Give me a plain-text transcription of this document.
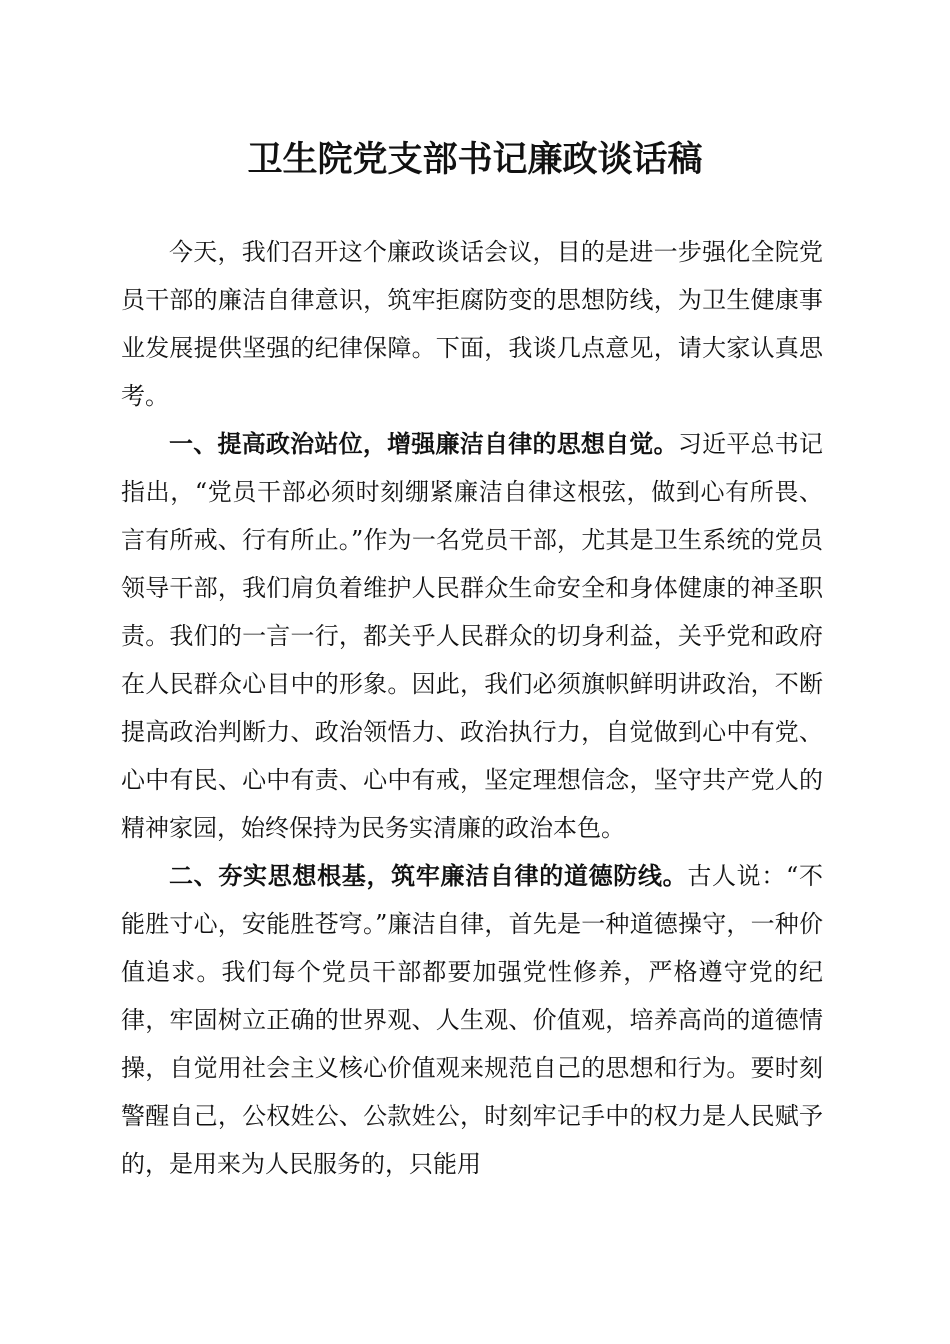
卫生院党支部书记廉政谈话稿

今天，我们召开这个廉政谈话会议，目的是进一步强化全院党员干部的廉洁自律意识，筑牢拒腐防变的思想防线，为卫生健康事业发展提供坚强的纪律保障。下面，我谈几点意见，请大家认真思考。

一、提高政治站位，增强廉洁自律的思想自觉。习近平总书记指出，“党员干部必须时刻绷紧廉洁自律这根弦，做到心有所畏、言有所戒、行有所止。”作为一名党员干部，尤其是卫生系统的党员领导干部，我们肩负着维护人民群众生命安全和身体健康的神圣职责。我们的一言一行，都关乎人民群众的切身利益，关乎党和政府在人民群众心目中的形象。因此，我们必须旗帜鲜明讲政治，不断提高政治判断力、政治领悟力、政治执行力，自觉做到心中有党、心中有民、心中有责、心中有戒，坚定理想信念，坚守共产党人的精神家园，始终保持为民务实清廉的政治本色。

二、夯实思想根基，筑牢廉洁自律的道德防线。古人说：“不能胜寸心，安能胜苍穹。”廉洁自律，首先是一种道德操守，一种价值追求。我们每个党员干部都要加强党性修养，严格遵守党的纪律，牢固树立正确的世界观、人生观、价值观，培养高尚的道德情操，自觉用社会主义核心价值观来规范自己的思想和行为。要时刻警醒自己，公权姓公、公款姓公，时刻牢记手中的权力是人民赋予的，是用来为人民服务的，只能用
